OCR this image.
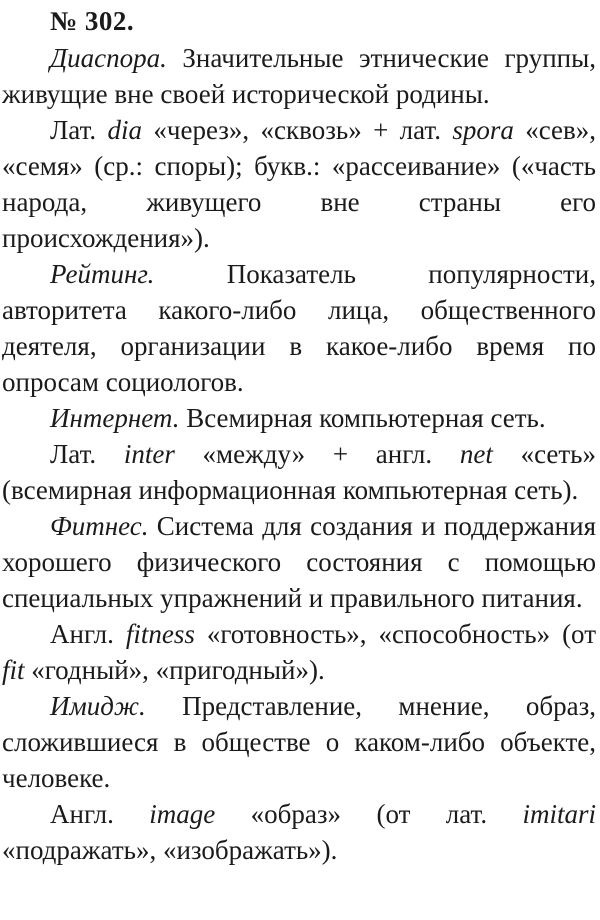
№ 302.

Диаспора. Значительные этнические группы, живущие вне своей исторической родины.

Лат. dia «через», «сквозь» + лат. spora «сев», «семя» (ср.: споры); букв.: «рассеивание» («часть народа, живущего вне страны его происхождения»).

Рейтинг. Показатель популярности, авторитета какого-либо лица, общественного деятеля, организации в какое-либо время по опросам социологов.

Интернет. Всемирная компьютерная сеть.

Лат. inter «между» + англ. net «сеть» (всемирная информационная компьютерная сеть).

Фитнес. Система для создания и поддержания хорошего физического состояния с помощью специальных упражнений и правильного питания.

Англ. fitness «готовность», «способность» (от fit «годный», «пригодный»).

Имидж. Представление, мнение, образ, сложившиеся в обществе о каком-либо объекте, человеке.

Англ. image «образ» (от лат. imitari «подражать», «изображать»).
